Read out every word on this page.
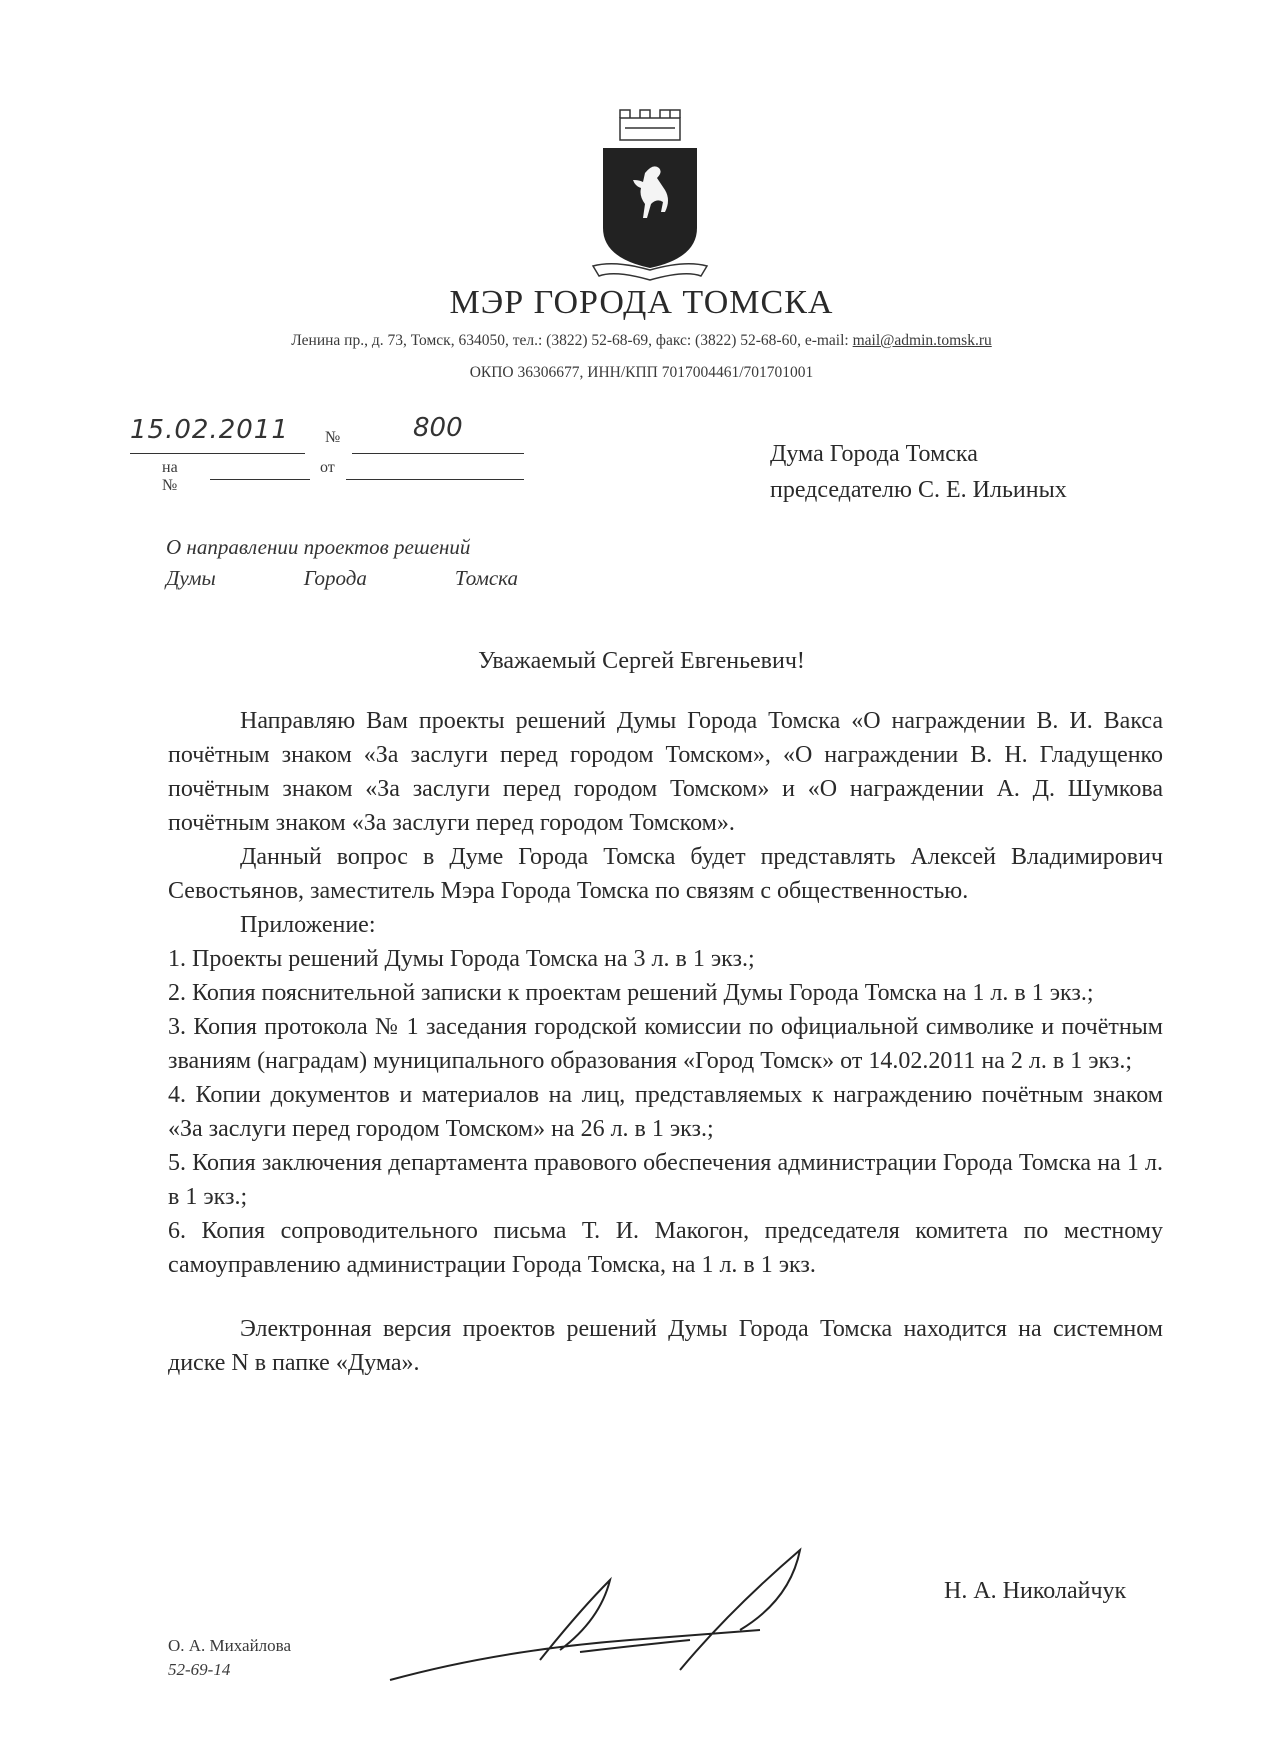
МЭР ГОРОДА ТОМСКА
Ленина пр., д. 73, Томск, 634050, тел.: (3822) 52-68-69, факс: (3822) 52-68-60, e-mail: mail@admin.tomsk.ru
ОКПО 36306677, ИНН/КПП 7017004461/701701001
15.02.2011 №	800
на №
от
Дума Города Томска
председателю С. Е. Ильиных
О направлении проектов решений
Думы	Города	Томска
Уважаемый Сергей Евгеньевич!

Направляю Вам проекты решений Думы Города Томска «О награждении В. И. Вакса почётным знаком «За заслуги перед городом Томском», «О награждении В. Н. Гладущенко почётным знаком «За заслуги перед городом Томском» и «О награждении А. Д. Шумкова почётным знаком «За заслуги перед городом Томском».

Данный вопрос в Думе Города Томска будет представлять Алексей Владимирович Севостьянов, заместитель Мэра Города Томска по связям с общественностью.

Приложение:

1. Проекты решений Думы Города Томска на 3 л. в 1 экз.;

2. Копия пояснительной записки к проектам решений Думы Города Томска на 1 л. в 1 экз.;

3. Копия протокола № 1 заседания городской комиссии по официальной символике и почётным званиям (наградам) муниципального образования «Город Томск» от 14.02.2011 на 2 л. в 1 экз.;

4. Копии документов и материалов на лиц, представляемых к награждению почётным знаком «За заслуги перед городом Томском» на 26 л. в 1 экз.;

5. Копия заключения департамента правового обеспечения администрации Города Томска на 1 л. в 1 экз.;

6. Копия сопроводительного письма Т. И. Макогон, председателя комитета по местному самоуправлению администрации Города Томска, на 1 л. в 1 экз.

Электронная версия проектов решений Думы Города Томска находится на системном диске N в папке «Дума».

Н. А. Николайчук
О. А. Михайлова
52-69-14
